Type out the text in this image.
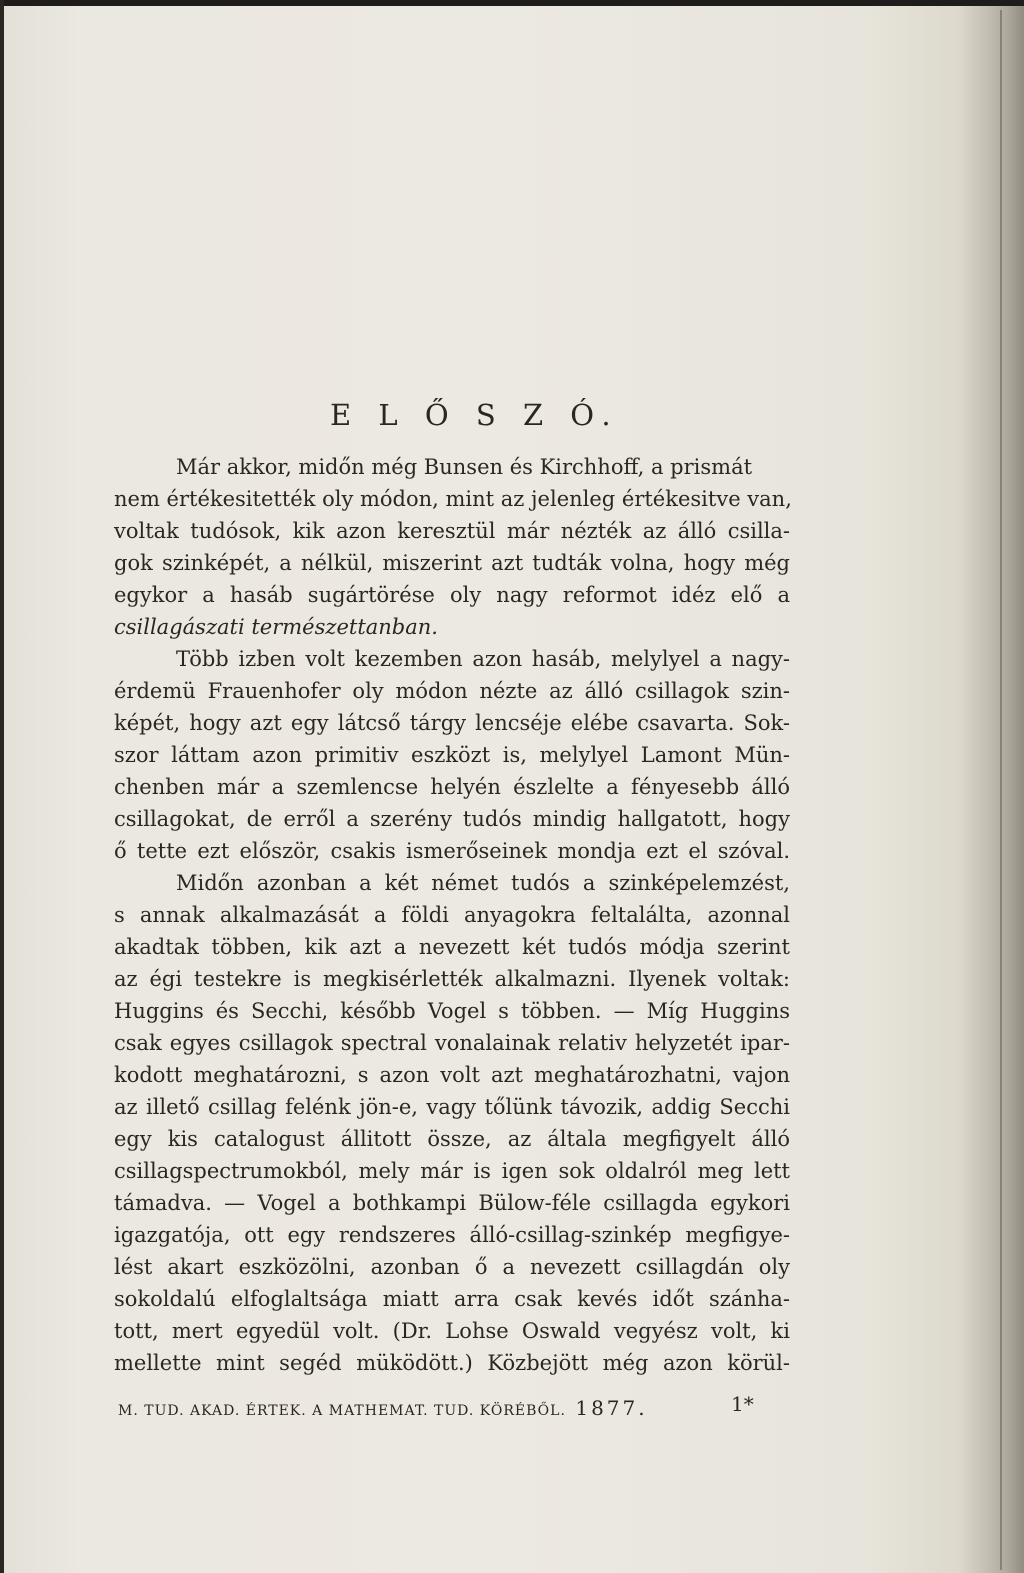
E L Ő S Z Ó.
Már akkor, midőn még Bunsen és Kirchhoff, a prismát
nem értékesitették oly módon, mint az jelenleg értékesitve van,
voltak tudósok, kik azon keresztül már nézték az álló csilla-
gok szinképét, a nélkül, miszerint azt tudták volna, hogy még
egykor a hasáb sugártörése oly nagy reformot idéz elő a
csillagászati természettanban.
Több izben volt kezemben azon hasáb, melylyel a nagy-
érdemü Frauenhofer oly módon nézte az álló csillagok szin-
képét, hogy azt egy látcső tárgy lencséje elébe csavarta. Sok-
szor láttam azon primitiv eszközt is, melylyel Lamont Mün-
chenben már a szemlencse helyén észlelte a fényesebb álló
csillagokat, de erről a szerény tudós mindig hallgatott, hogy
ő tette ezt először, csakis ismerőseinek mondja ezt el szóval.
Midőn azonban a két német tudós a szinképelemzést,
s annak alkalmazását a földi anyagokra feltalálta, azonnal
akadtak többen, kik azt a nevezett két tudós módja szerint
az égi testekre is megkisérlették alkalmazni. Ilyenek voltak:
Huggins és Secchi, később Vogel s többen. — Míg Huggins
csak egyes csillagok spectral vonalainak relativ helyzetét ipar-
kodott meghatározni, s azon volt azt meghatározhatni, vajon
az illető csillag felénk jön-e, vagy tőlünk távozik, addig Secchi
egy kis catalogust állitott össze, az általa megfigyelt álló
csillagspectrumokból, mely már is igen sok oldalról meg lett
támadva. — Vogel a bothkampi Bülow-féle csillagda egykori
igazgatója, ott egy rendszeres álló-csillag-szinkép megfigye-
lést akart eszközölni, azonban ő a nevezett csillagdán oly
sokoldalú elfoglaltsága miatt arra csak kevés időt szánha-
tott, mert egyedül volt. (Dr. Lohse Oswald vegyész volt, ki
mellette mint segéd müködött.) Közbejött még azon körül-
M. TUD. AKAD. ÉRTEK. A MATHEMAT. TUD. KÖRÉBŐL. 1877.	1*
